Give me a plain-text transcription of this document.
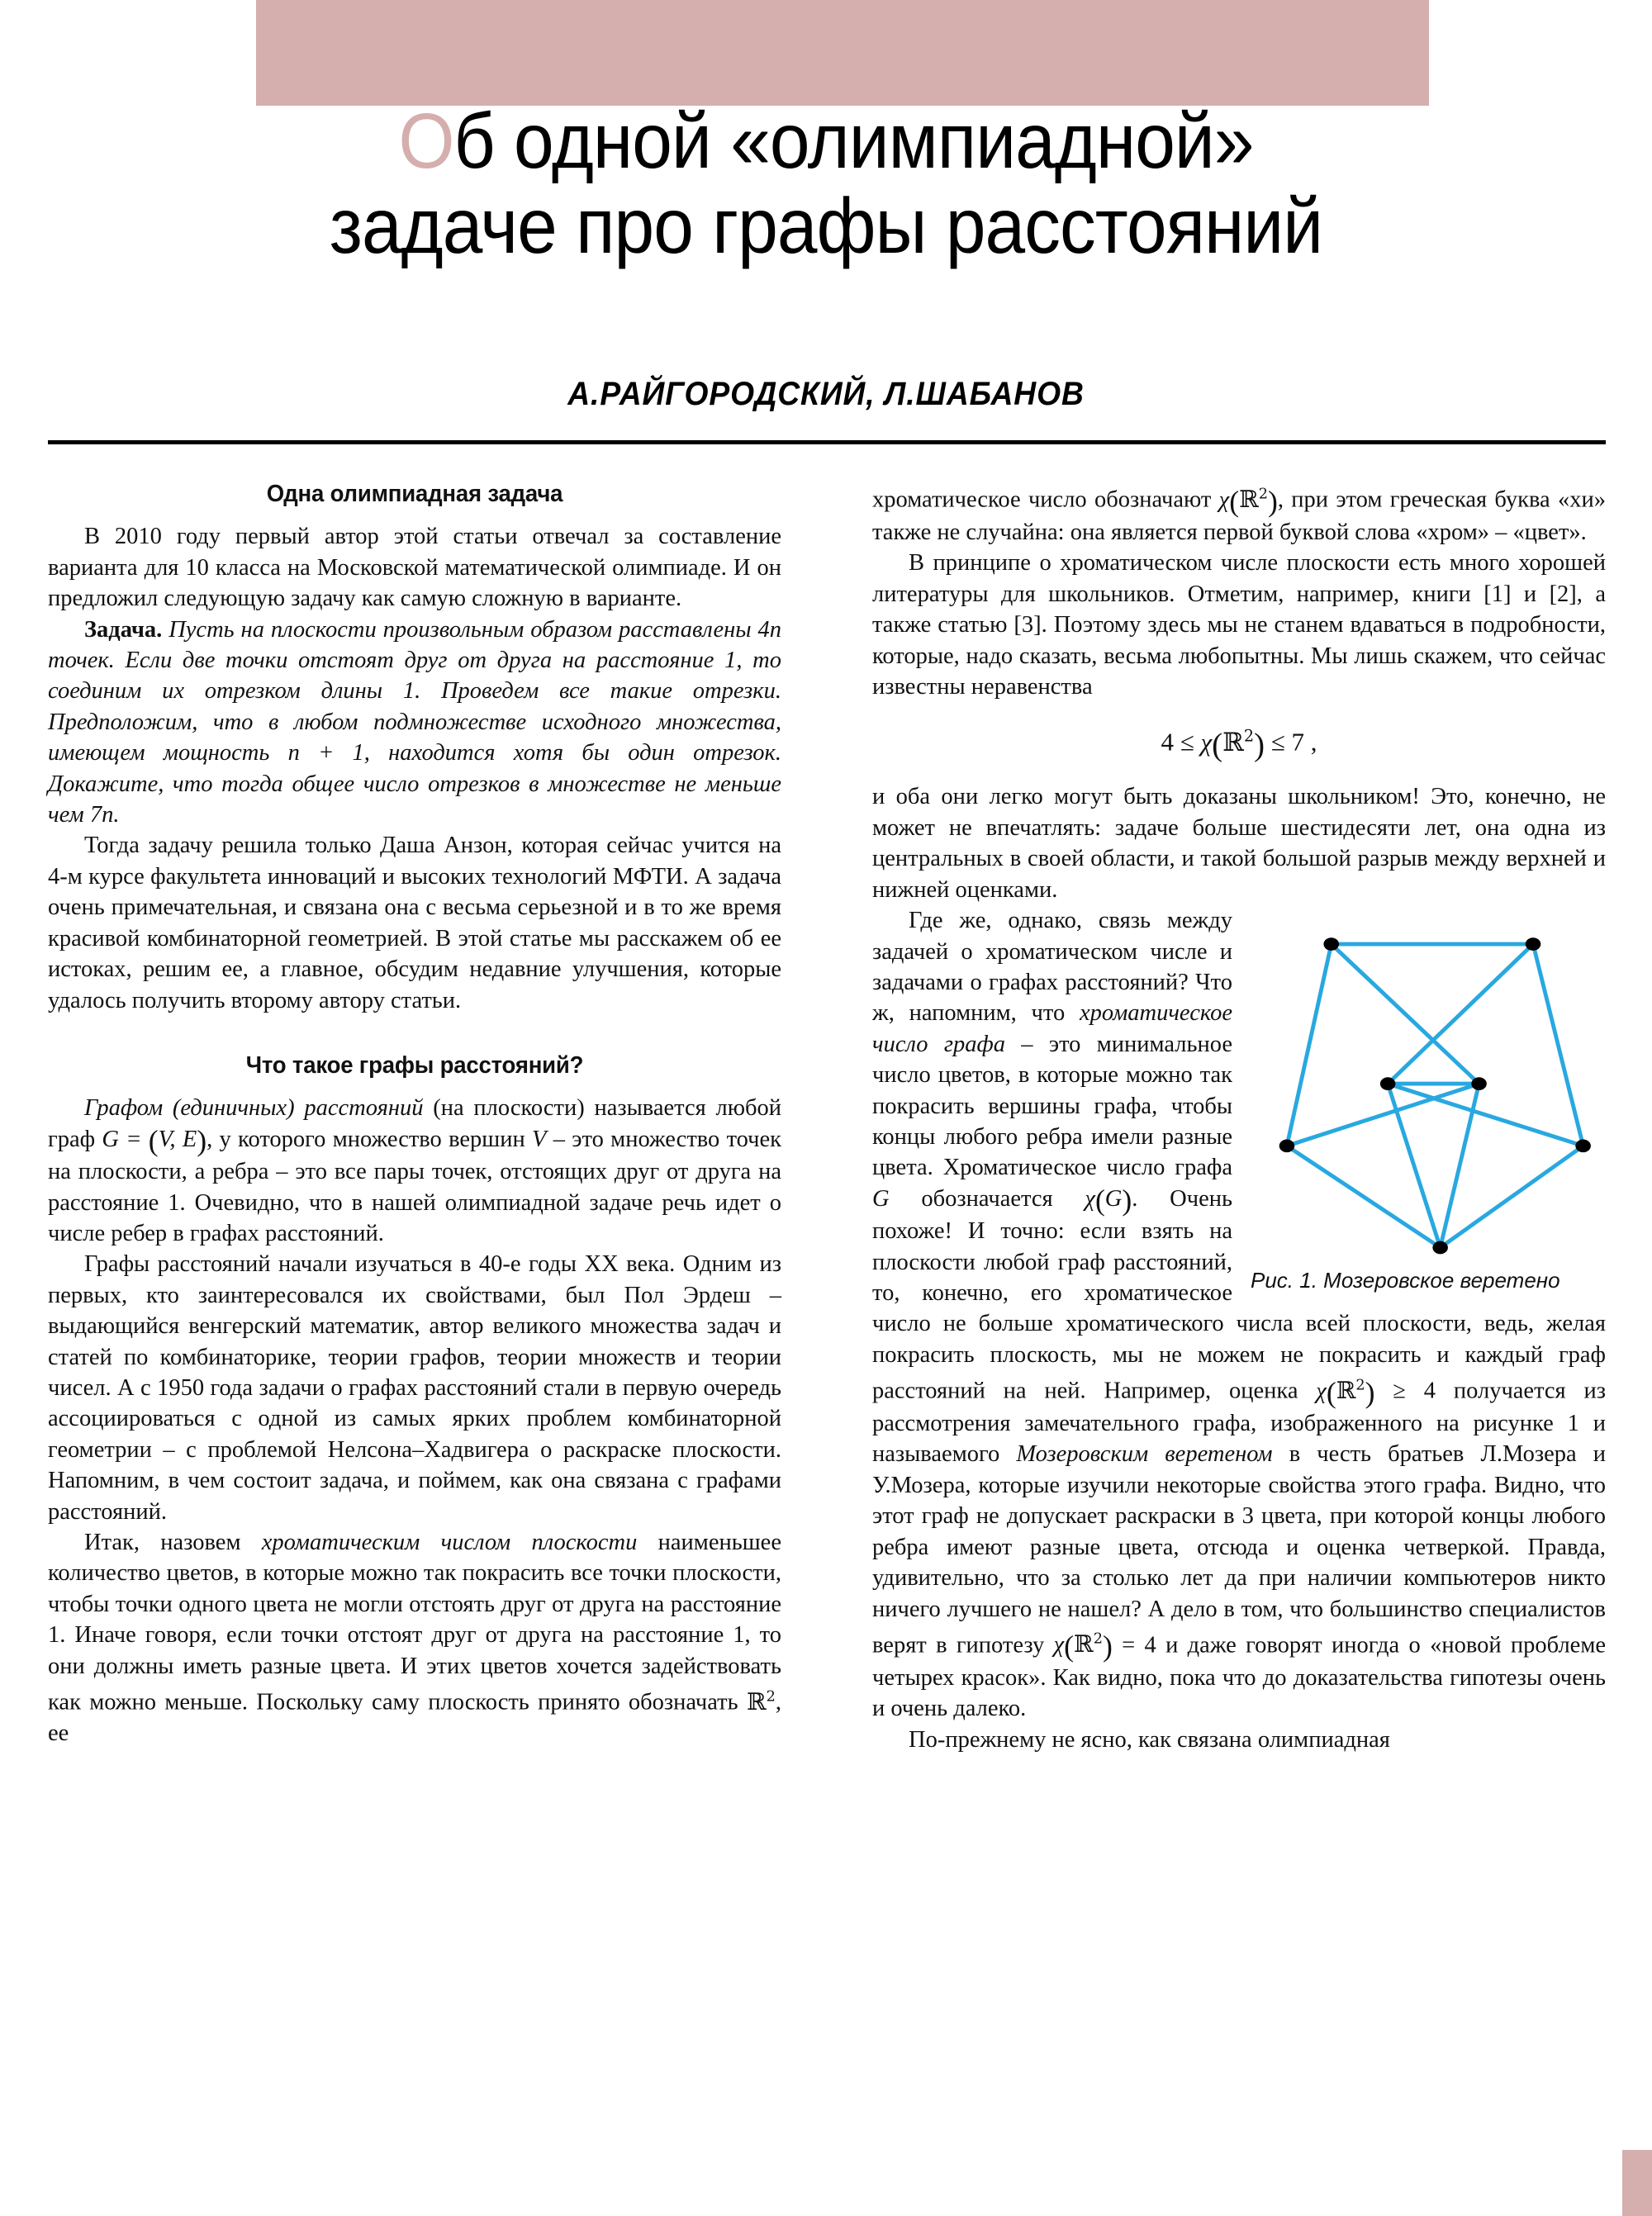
Об одной «олимпиадной»
задаче про графы расстояний
А.РАЙГОРОДСКИЙ, Л.ШАБАНОВ
Одна олимпиадная задача

В 2010 году первый автор этой статьи отвечал за составление варианта для 10 класса на Московской математической олимпиаде. И он предложил следующую задачу как самую сложную в варианте.

Задача. Пусть на плоскости произвольным образом расставлены 4n точек. Если две точки отстоят друг от друга на расстояние 1, то соединим их отрезком длины 1. Проведем все такие отрезки. Предположим, что в любом подмножестве исходного множества, имеющем мощность n + 1, находится хотя бы один отрезок. Докажите, что тогда общее число отрезков в множестве не меньше чем 7n.

Тогда задачу решила только Даша Анзон, которая сейчас учится на 4-м курсе факультета инноваций и высоких технологий МФТИ. А задача очень примечательная, и связана она с весьма серьезной и в то же время красивой комбинаторной геометрией. В этой статье мы расскажем об ее истоках, решим ее, а главное, обсудим недавние улучшения, которые удалось получить второму автору статьи.

Что такое графы расстояний?

Графом (единичных) расстояний (на плоскости) называется любой граф G = (V, E), у которого множество вершин V – это множество точек на плоскости, а ребра – это все пары точек, отстоящих друг от друга на расстояние 1. Очевидно, что в нашей олимпиадной задаче речь идет о числе ребер в графах расстояний.

Графы расстояний начали изучаться в 40-е годы XX века. Одним из первых, кто заинтересовался их свойствами, был Пол Эрдеш – выдающийся венгерский математик, автор великого множества задач и статей по комбинаторике, теории графов, теории множеств и теории чисел. А с 1950 года задачи о графах расстояний стали в первую очередь ассоциироваться с одной из самых ярких проблем комбинаторной геометрии – с проблемой Нелсона–Хадвигера о раскраске плоскости. Напомним, в чем состоит задача, и поймем, как она связана с графами расстояний.

Итак, назовем хроматическим числом плоскости наименьшее количество цветов, в которые можно так покрасить все точки плоскости, чтобы точки одного цвета не могли отстоять друг от друга на расстояние 1. Иначе говоря, если точки отстоят друг от друга на расстояние 1, то они должны иметь разные цвета. И этих цветов хочется задействовать как можно меньше. Поскольку саму плоскость принято обозначать ℝ$^2$, ее

хроматическое число обозначают χ(ℝ$^2$), при этом греческая буква «хи» также не случайна: она является первой буквой слова «хром» – «цвет».

В принципе о хроматическом числе плоскости есть много хорошей литературы для школьников. Отметим, например, книги [1] и [2], а также статью [3]. Поэтому здесь мы не станем вдаваться в подробности, которые, надо сказать, весьма любопытны. Мы лишь скажем, что сейчас известны неравенства

4 ≤ χ(ℝ$^2$) ≤ 7 ,

и оба они легко могут быть доказаны школьником! Это, конечно, не может не впечатлять: задаче больше шестидесяти лет, она одна из центральных в своей области, и такой большой разрыв между верхней и нижней оценками.

Рис. 1. Мозеровское веретено
Где же, однако, связь между задачей о хроматическом числе и задачами о графах расстояний? Что ж, напомним, что хроматическое число графа – это минимальное число цветов, в которые можно так покрасить вершины графа, чтобы концы любого ребра имели разные цвета. Хроматическое число графа G обозначается χ(G). Очень похоже! И точно: если взять на плоскости любой граф расстояний, то, конечно, его хроматическое число не больше хроматического числа всей плоскости, ведь, желая покрасить плоскость, мы не можем не покрасить и каждый граф расстояний на ней. Например, оценка χ(ℝ$^2$) ≥ 4 получается из рассмотрения замечательного графа, изображенного на рисунке 1 и называемого Мозеровским веретеном в честь братьев Л.Мозера и У.Мозера, которые изучили некоторые свойства этого графа. Видно, что этот граф не допускает раскраски в 3 цвета, при которой концы любого ребра имеют разные цвета, отсюда и оценка четверкой. Правда, удивительно, что за столько лет да при наличии компьютеров никто ничего лучшего не нашел? А дело в том, что большинство специалистов верят в гипотезу χ(ℝ$^2$) = 4 и даже говорят иногда о «новой проблеме четырех красок». Как видно, пока что до доказательства гипотезы очень и очень далеко.

По-прежнему не ясно, как связана олимпиадная
